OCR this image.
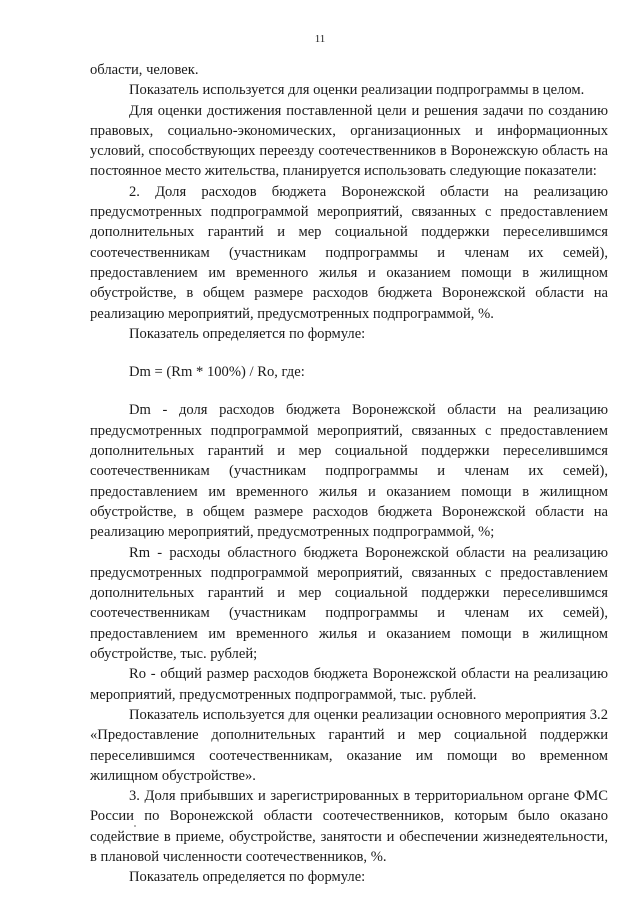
11

области, человек.

Показатель используется для оценки реализации подпрограммы в целом.

Для оценки достижения поставленной цели и решения задачи по созданию правовых, социально-экономических, организационных и информационных условий, способствующих переезду соотечественников в Воронежскую область на постоянное место жительства, планируется использовать следующие показатели:

2. Доля расходов бюджета Воронежской области на реализацию предусмотренных подпрограммой мероприятий, связанных с предоставлением дополнительных гарантий и мер социальной поддержки переселившимся соотечественникам (участникам подпрограммы и членам их семей), предоставлением им временного жилья и оказанием помощи в жилищном обустройстве, в общем размере расходов бюджета Воронежской области на реализацию мероприятий, предусмотренных подпрограммой, %.

Показатель определяется по формуле:

Dm = (Rm * 100%) / Ro, где:

Dm - доля расходов бюджета Воронежской области на реализацию предусмотренных подпрограммой мероприятий, связанных с предоставлением дополнительных гарантий и мер социальной поддержки переселившимся соотечественникам (участникам подпрограммы и членам их семей), предоставлением им временного жилья и оказанием помощи в жилищном обустройстве, в общем размере расходов бюджета Воронежской области на реализацию мероприятий, предусмотренных подпрограммой, %;

Rm - расходы областного бюджета Воронежской области на реализацию предусмотренных подпрограммой мероприятий, связанных с предоставлением дополнительных гарантий и мер социальной поддержки переселившимся соотечественникам (участникам подпрограммы и членам их семей), предоставлением им временного жилья и оказанием помощи в жилищном обустройстве, тыс. рублей;

Ro - общий размер расходов бюджета Воронежской области на реализацию мероприятий, предусмотренных подпрограммой, тыс. рублей.

Показатель используется для оценки реализации основного мероприятия 3.2 «Предоставление дополнительных гарантий и мер социальной поддержки переселившимся соотечественникам, оказание им помощи во временном жилищном обустройстве».

3. Доля прибывших и зарегистрированных в территориальном органе ФМС России по Воронежской области соотечественников, которым было оказано содействие в приеме, обустройстве, занятости и обеспечении жизнедеятельности, в плановой численности соотечественников, %.

Показатель определяется по формуле:
